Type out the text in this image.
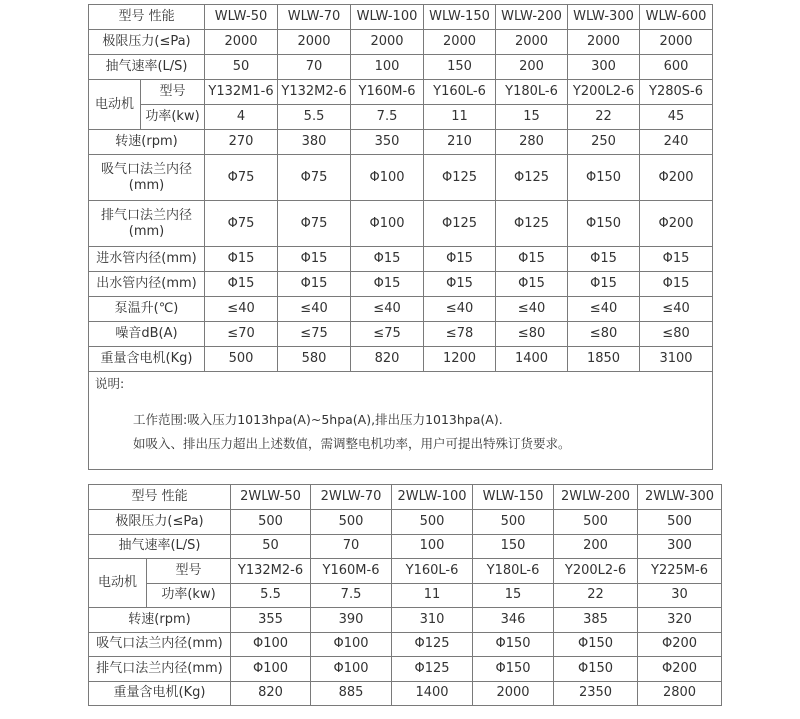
型号 性能		WLW-50	WLW-70	WLW-100	WLW-150	WLW-200	WLW-300	WLW-600
极限压力(≤Pa)		2000	2000	2000	2000	2000	2000	2000
抽气速率(L/S)		50	70	100	150	200	300	600
电动机	型号	Y132M1-6	Y132M2-6	Y160M-6	Y160L-6	Y180L-6	Y200L2-6	Y280S-6
	功率(kw)	4	5.5	7.5	11	15	22	45
转速(rpm)		270	380	350	210	280	250	240
吸气口法兰内径(mm)		Φ75	Φ75	Φ100	Φ125	Φ125	Φ150	Φ200
排气口法兰内径(mm)		Φ75	Φ75	Φ100	Φ125	Φ125	Φ150	Φ200
进水管内径(mm)		Φ15	Φ15	Φ15	Φ15	Φ15	Φ15	Φ15
出水管内径(mm)		Φ15	Φ15	Φ15	Φ15	Φ15	Φ15	Φ15
泵温升(℃)		≤40	≤40	≤40	≤40	≤40	≤40	≤40
噪音dB(A)		≤70	≤75	≤75	≤78	≤80	≤80	≤80
重量含电机(Kg)		500	580	820	1200	1400	1850	3100

说明:
工作范围:吸入压力1013hpa(A)~5hpa(A),排出压力1013hpa(A).
如吸入、排出压力超出上述数值，需调整电机功率，用户可提出特殊订货要求。								
型号 性能		2WLW-50	2WLW-70	2WLW-100	WLW-150	2WLW-200	2WLW-300
极限压力(≤Pa)		500	500	500	500	500	500
抽气速率(L/S)		50	70	100	150	200	300
电动机	型号	Y132M2-6	Y160M-6	Y160L-6	Y180L-6	Y200L2-6	Y225M-6
	功率(kw)	5.5	7.5	11	15	22	30
转速(rpm)		355	390	310	346	385	320
吸气口法兰内径(mm)		Φ100	Φ100	Φ125	Φ150	Φ150	Φ200
排气口法兰内径(mm)		Φ100	Φ100	Φ125	Φ150	Φ150	Φ200
重量含电机(Kg)		820	885	1400	2000	2350	2800
